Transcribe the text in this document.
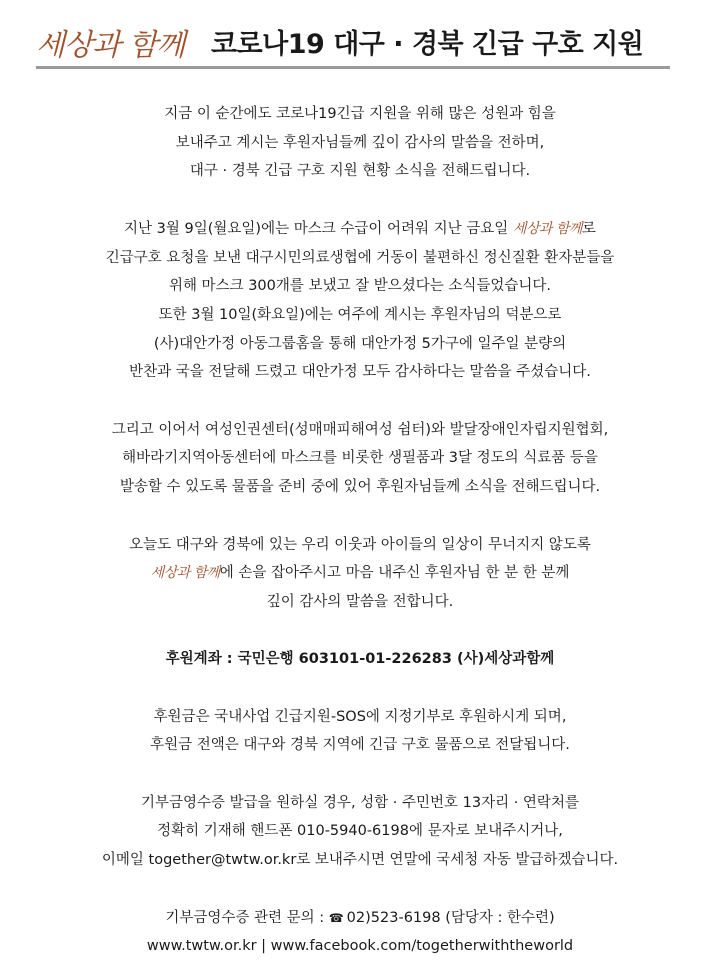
세상과 함께 코로나19 대구 · 경북 긴급 구호 지원
지금 이 순간에도 코로나19긴급 지원을 위해 많은 성원과 힘을
보내주고 계시는 후원자님들께 깊이 감사의 말씀을 전하며,
대구 · 경북 긴급 구호 지원 현황 소식을 전해드립니다.
지난 3월 9일(월요일)에는 마스크 수급이 어려워 지난 금요일 세상과 함께로
긴급구호 요청을 보낸 대구시민의료생협에 거동이 불편하신 정신질환 환자분들을
위해 마스크 300개를 보냈고 잘 받으셨다는 소식들었습니다.
또한 3월 10일(화요일)에는 여주에 계시는 후원자님의 덕분으로
(사)대안가정 아동그룹홈을 통해 대안가정 5가구에 일주일 분량의
반찬과 국을 전달해 드렸고 대안가정 모두 감사하다는 말씀을 주셨습니다.
그리고 이어서 여성인권센터(성매매피해여성 쉼터)와 발달장애인자립지원협회,
해바라기지역아동센터에 마스크를 비롯한 생필품과 3달 정도의 식료품 등을
발송할 수 있도록 물품을 준비 중에 있어 후원자님들께 소식을 전해드립니다.
오늘도 대구와 경북에 있는 우리 이웃과 아이들의 일상이 무너지지 않도록
세상과 함께에 손을 잡아주시고 마음 내주신 후원자님 한 분 한 분께
깊이 감사의 말씀을 전합니다.
후원계좌 : 국민은행 603101-01-226283 (사)세상과함께
후원금은 국내사업 긴급지원-SOS에 지정기부로 후원하시게 되며,
후원금 전액은 대구와 경북 지역에 긴급 구호 물품으로 전달됩니다.
기부금영수증 발급을 원하실 경우, 성함 · 주민번호 13자리 · 연락처를
정확히 기재해 핸드폰 010-5940-6198에 문자로 보내주시거나,
이메일 together@twtw.or.kr로 보내주시면 연말에 국세청 자동 발급하겠습니다.
기부금영수증 관련 문의 : ☎ 02)523-6198 (담당자 : 한수련)
www.twtw.or.kr | www.facebook.com/togetherwiththeworld
